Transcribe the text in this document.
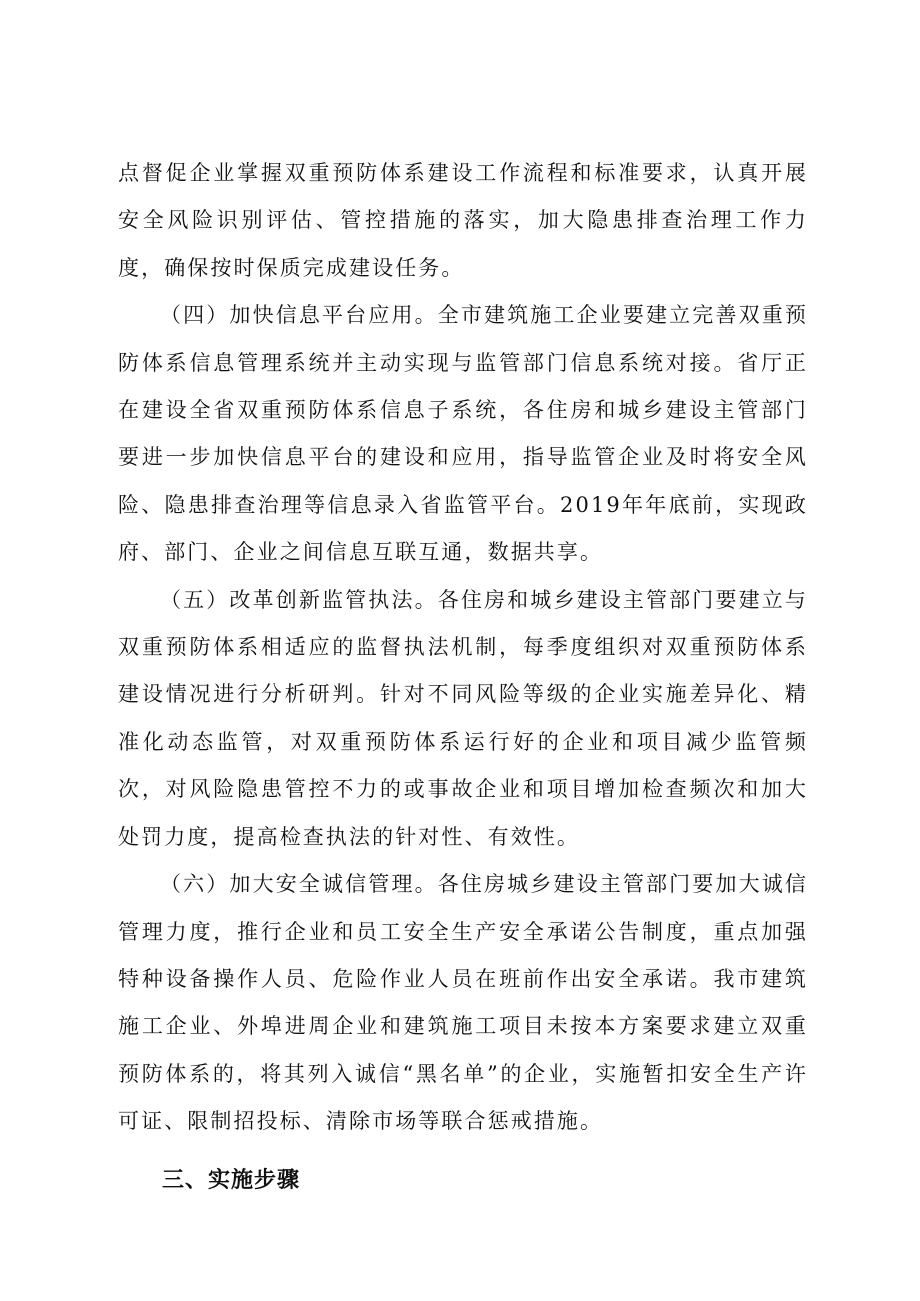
点督促企业掌握双重预防体系建设工作流程和标准要求，认真开展安全风险识别评估、管控措施的落实，加大隐患排查治理工作力度，确保按时保质完成建设任务。

（四）加快信息平台应用。全市建筑施工企业要建立完善双重预防体系信息管理系统并主动实现与监管部门信息系统对接。省厅正在建设全省双重预防体系信息子系统，各住房和城乡建设主管部门要进一步加快信息平台的建设和应用，指导监管企业及时将安全风险、隐患排查治理等信息录入省监管平台。2019年年底前，实现政府、部门、企业之间信息互联互通，数据共享。

（五）改革创新监管执法。各住房和城乡建设主管部门要建立与双重预防体系相适应的监督执法机制，每季度组织对双重预防体系建设情况进行分析研判。针对不同风险等级的企业实施差异化、精准化动态监管，对双重预防体系运行好的企业和项目减少监管频次，对风险隐患管控不力的或事故企业和项目增加检查频次和加大处罚力度，提高检查执法的针对性、有效性。

（六）加大安全诚信管理。各住房城乡建设主管部门要加大诚信管理力度，推行企业和员工安全生产安全承诺公告制度，重点加强特种设备操作人员、危险作业人员在班前作出安全承诺。我市建筑施工企业、外埠进周企业和建筑施工项目未按本方案要求建立双重预防体系的，将其列入诚信“黑名单”的企业，实施暂扣安全生产许可证、限制招投标、清除市场等联合惩戒措施。

三、实施步骤
